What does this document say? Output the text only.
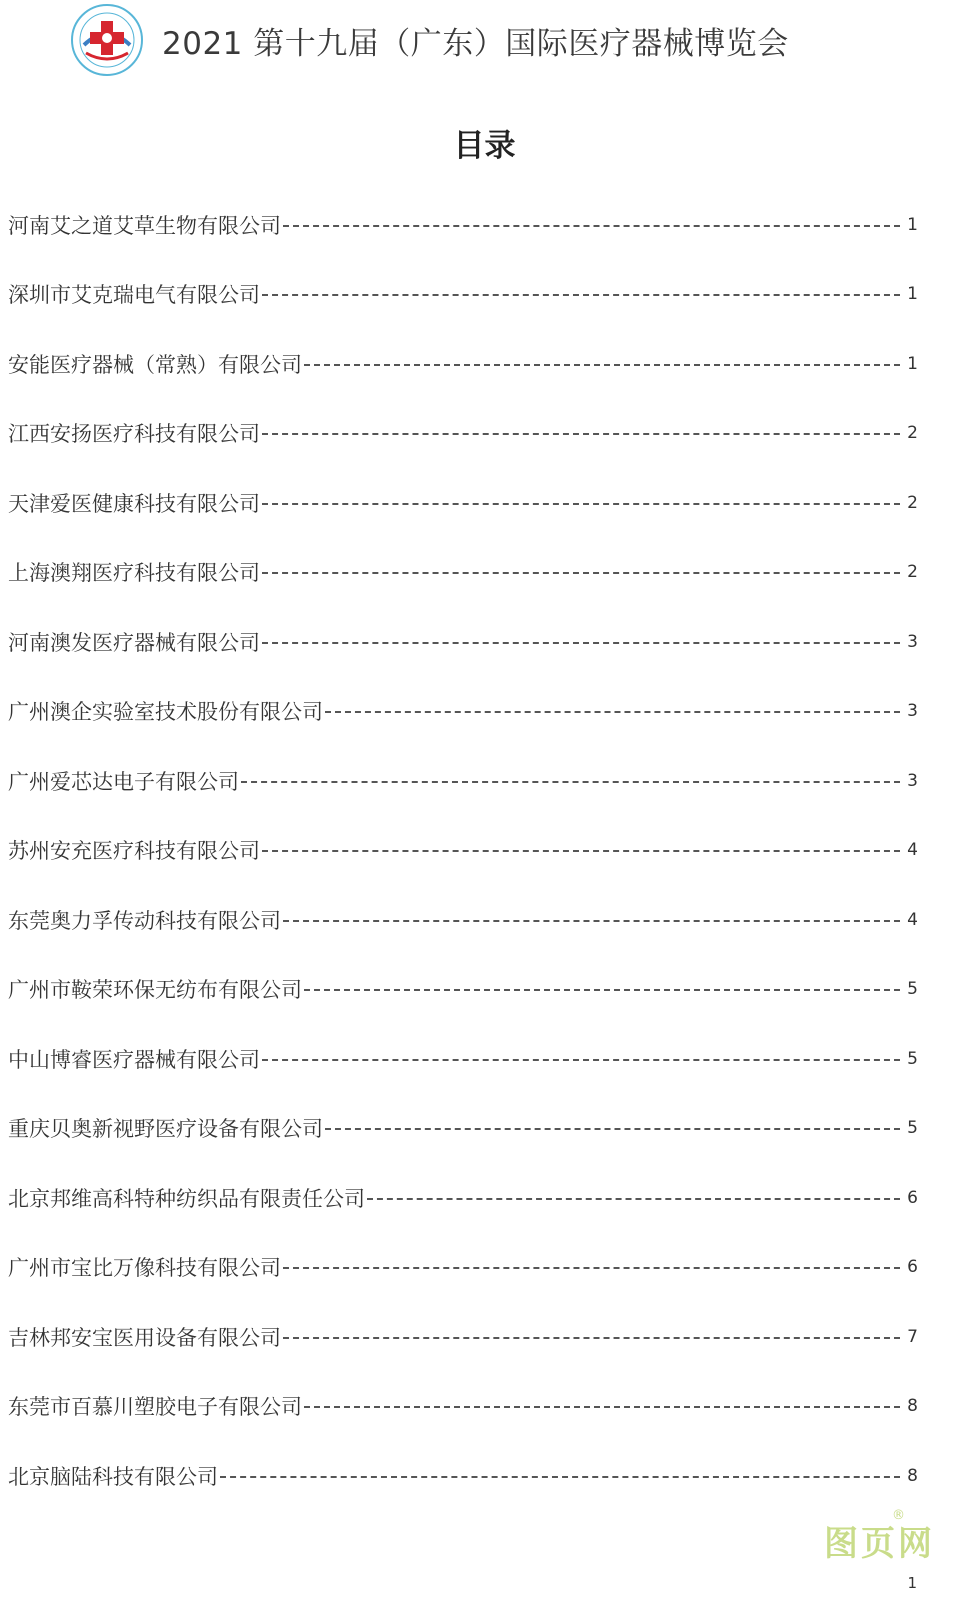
2021 第十九届（广东）国际医疗器械博览会
目录
河南艾之道艾草生物有限公司	1
深圳市艾克瑞电气有限公司	1
安能医疗器械（常熟）有限公司	1
江西安扬医疗科技有限公司	2
天津爱医健康科技有限公司	2
上海澳翔医疗科技有限公司	2
河南澳发医疗器械有限公司	3
广州澳企实验室技术股份有限公司	3
广州爱芯达电子有限公司	3
苏州安充医疗科技有限公司	4
东莞奥力孚传动科技有限公司	4
广州市鞍荣环保无纺布有限公司	5
中山博睿医疗器械有限公司	5
重庆贝奥新视野医疗设备有限公司	5
北京邦维高科特种纺织品有限责任公司	6
广州市宝比万像科技有限公司	6
吉林邦安宝医用设备有限公司	7
东莞市百慕川塑胶电子有限公司	8
北京脑陆科技有限公司	8
®
图页网
1
